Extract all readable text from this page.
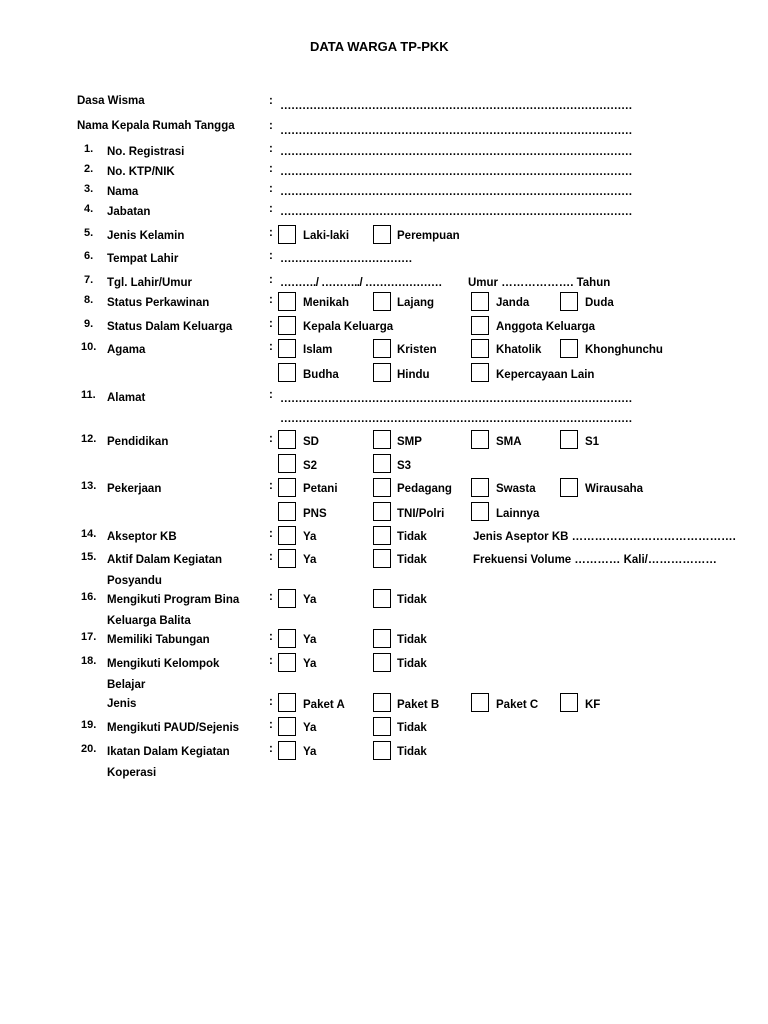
DATA WARGA TP-PKK
Dasa Wisma	: ……………………………………………………………………………………
Nama Kepala Rumah Tangga	: ……………………………………………………………………………………
1. No. Registrasi	: ……………………………………………………………………………………
2. No. KTP/NIK	: ……………………………………………………………………………………
3. Nama	: ……………………………………………………………………………………
4. Jabatan	: ……………………………………………………………………………………
5. Jenis Kelamin	:	Laki-laki	Perempuan
6. Tempat Lahir	: ………………………………
7. Tgl. Lahir/Umur	: ………./ ………../ ………………… Umur ………………. Tahun
8. Status Perkawinan	:	Menikah	Lajang	Janda	Duda
9. Status Dalam Keluarga	:	Kepala Keluarga	Anggota Keluarga
10. Agama	:	Islam	Kristen	Khatolik	Khonghunchu
Budha	Hindu	Kepercayaan Lain
11. Alamat	: ……………………………………………………………………………………
……………………………………………………………………………………
12. Pendidikan	:	SD	SMP	SMA	S1
S2	S3
13. Pekerjaan	:	Petani	Pedagang	Swasta	Wirausaha
PNS	TNI/Polri	Lainnya
14. Akseptor KB	:	Ya	Tidak	Jenis Aseptor KB …………………………………….
15. Aktif Dalam Kegiatan
Posyandu
:	Ya	Tidak	Frekuensi Volume ………… Kali/………………
16. Mengikuti Program Bina
Keluarga Balita
:	Ya	Tidak
17. Memiliki Tabungan	:	Ya	Tidak
18. Mengikuti Kelompok
Belajar
:	Ya	Tidak
Jenis	:	Paket A	Paket B	Paket C	KF
19. Mengikuti PAUD/Sejenis	:	Ya	Tidak
20. Ikatan Dalam Kegiatan
Koperasi
:	Ya	Tidak
